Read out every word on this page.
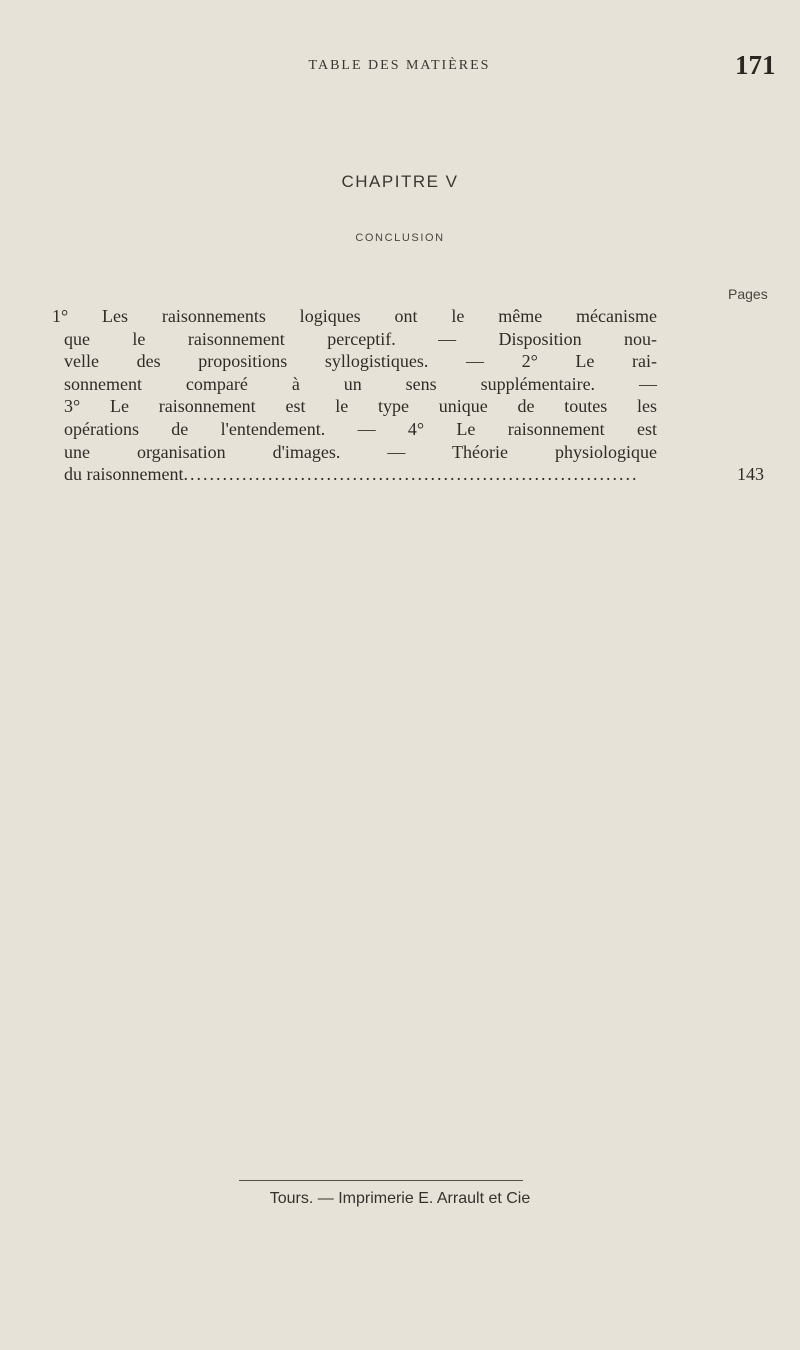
TABLE DES MATIÈRES	171
CHAPITRE V
CONCLUSION
Pages
1° Les raisonnements logiques ont le même mécanisme
que le raisonnement perceptif. — Disposition nou-
velle des propositions syllogistiques. — 2° Le rai-
sonnement comparé à un sens supplémentaire. —
3° Le raisonnement est le type unique de toutes les
opérations de l'entendement. — 4° Le raisonnement est
une organisation d'images. — Théorie physiologique
du raisonnement......................................................................	143
Tours. — Imprimerie E. Arrault et Cie
